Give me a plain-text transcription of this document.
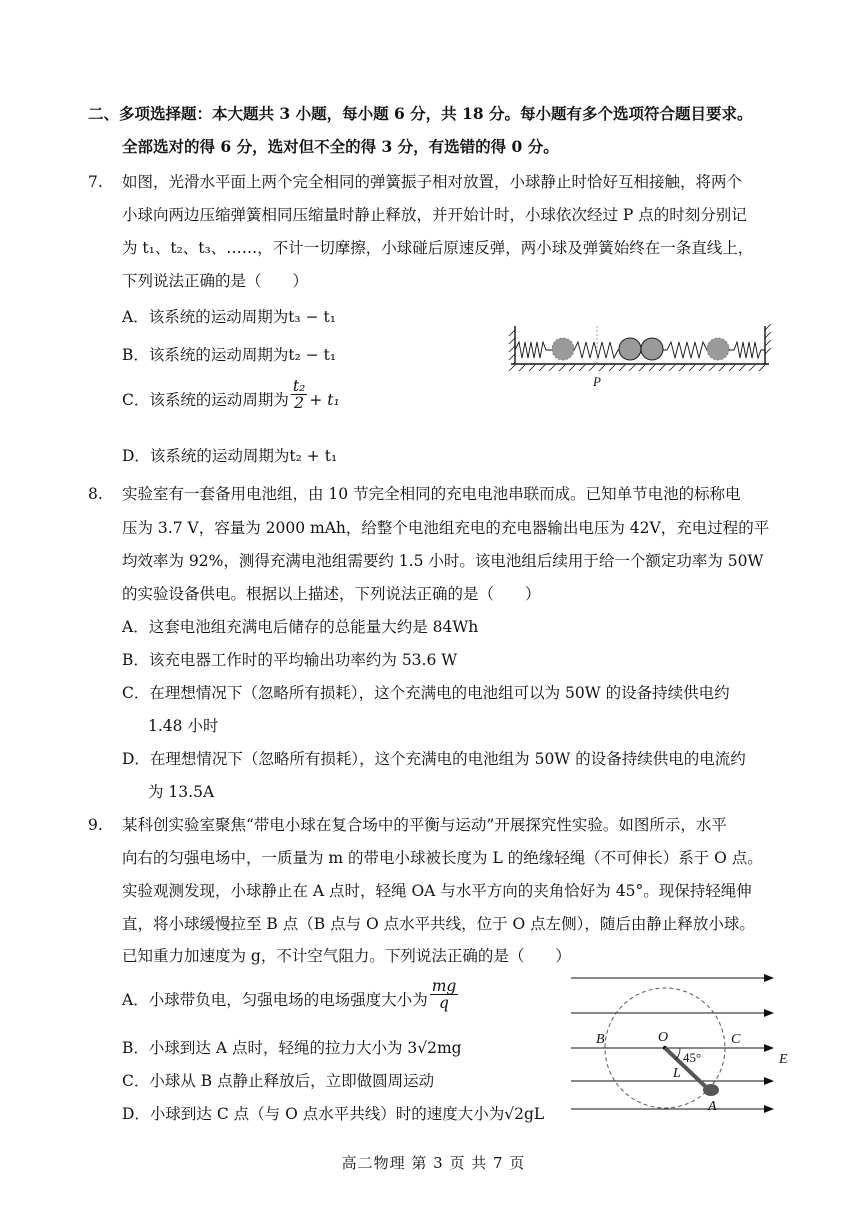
二、多项选择题：本大题共 3 小题，每小题 6 分，共 18 分。每小题有多个选项符合题目要求。
全部选对的得 6 分，选对但不全的得 3 分，有选错的得 0 分。
7. 如图，光滑水平面上两个完全相同的弹簧振子相对放置，小球静止时恰好互相接触，将两个
小球向两边压缩弹簧相同压缩量时静止释放，并开始计时，小球依次经过 P 点的时刻分别记
为 t₁、t₂、t₃、……，不计一切摩擦，小球碰后原速反弹，两小球及弹簧始终在一条直线上，
下列说法正确的是（　　）
A．该系统的运动周期为t₃ − t₁
B．该系统的运动周期为t₂ − t₁
C．该系统的运动周期为 $\frac{\text{t₂}}{2} + t_1$
D．该系统的运动周期为t₂ + t₁
P
8. 实验室有一套备用电池组，由 10 节完全相同的充电电池串联而成。已知单节电池的标称电
压为 3.7 V，容量为 2000 mAh，给整个电池组充电的充电器输出电压为 42V，充电过程的平
均效率为 92%，测得充满电池组需要约 1.5 小时。该电池组后续用于给一个额定功率为 50W
的实验设备供电。根据以上描述，下列说法正确的是（　　）
A．这套电池组充满电后储存的总能量大约是 84Wh
B．该充电器工作时的平均输出功率约为 53.6 W
C．在理想情况下（忽略所有损耗），这个充满电的电池组可以为 50W 的设备持续供电约
1.48 小时
D．在理想情况下（忽略所有损耗），这个充满电的电池组为 50W 的设备持续供电的电流约
为 13.5A
9. 某科创实验室聚焦“带电小球在复合场中的平衡与运动”开展探究性实验。如图所示，水平
向右的匀强电场中，一质量为 m 的带电小球被长度为 L 的绝缘轻绳（不可伸长）系于 O 点。
实验观测发现，小球静止在 A 点时，轻绳 OA 与水平方向的夹角恰好为 45°。现保持轻绳伸
直，将小球缓慢拉至 B 点（B 点与 O 点水平共线，位于 O 点左侧），随后由静止释放小球。
已知重力加速度为 g，不计空气阻力。下列说法正确的是（　　）
A．小球带负电，匀强电场的电场强度大小为 $\frac{mg}{q}$
B．小球到达 A 点时，轻绳的拉力大小为 3√2mg
C．小球从 B 点静止释放后，立即做圆周运动
D．小球到达 C 点（与 O 点水平共线）时的速度大小为√2gL
B	O	C
E
L
A
45°
高二物理 第 3 页 共 7 页
